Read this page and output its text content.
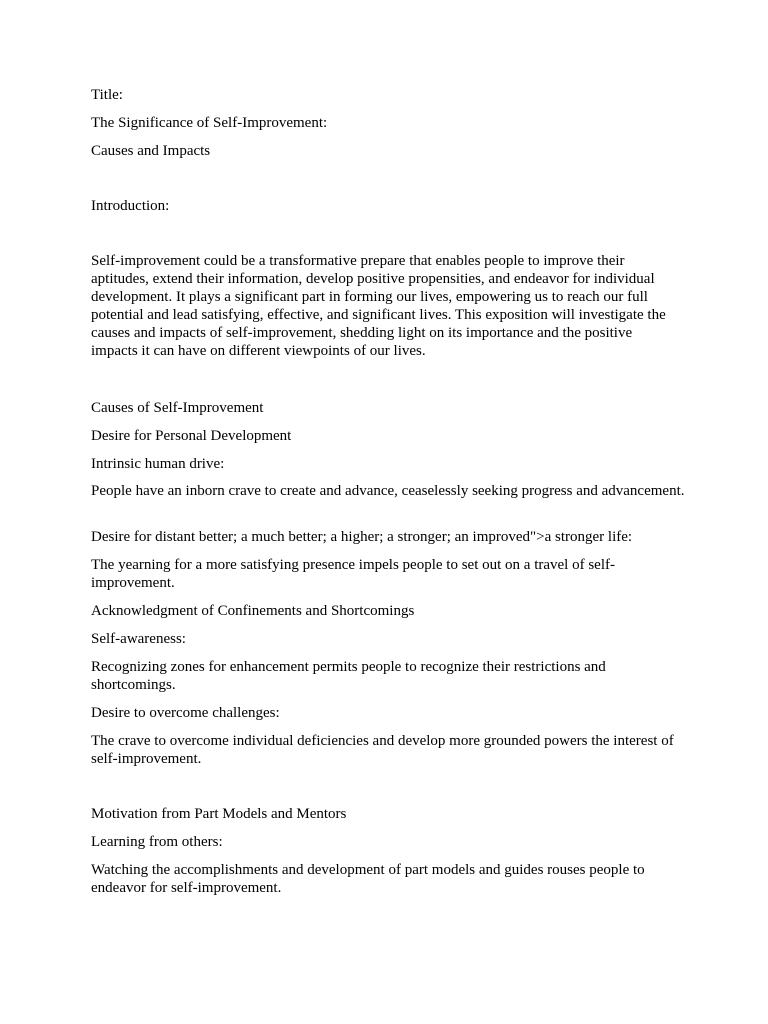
Title:

The Significance of Self-Improvement:

Causes and Impacts

Introduction:

Self-improvement could be a transformative prepare that enables people to improve their aptitudes, extend their information, develop positive propensities, and endeavor for individual development. It plays a significant part in forming our lives, empowering us to reach our full potential and lead satisfying, effective, and significant lives. This exposition will investigate the causes and impacts of self-improvement, shedding light on its importance and the positive impacts it can have on different viewpoints of our lives.

Causes of Self-Improvement

Desire for Personal Development

Intrinsic human drive:

People have an inborn crave to create and advance, ceaselessly seeking progress and advancement.

Desire for distant better; a much better; a higher; a stronger; an improved">a stronger life:

The yearning for a more satisfying presence impels people to set out on a travel of self-improvement.

Acknowledgment of Confinements and Shortcomings

Self-awareness:

Recognizing zones for enhancement permits people to recognize their restrictions and shortcomings.

Desire to overcome challenges:

The crave to overcome individual deficiencies and develop more grounded powers the interest of self-improvement.

Motivation from Part Models and Mentors

Learning from others:

Watching the accomplishments and development of part models and guides rouses people to endeavor for self-improvement.
